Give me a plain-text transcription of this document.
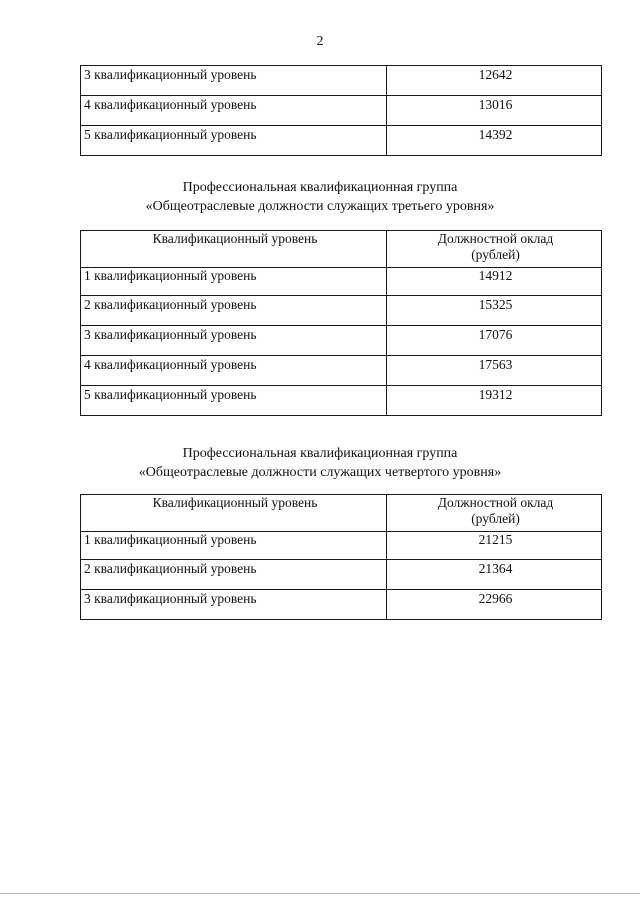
2
3 квалификационный уровень	12642
4 квалификационный уровень	13016
5 квалификационный уровень	14392
Профессиональная квалификационная группа
«Общеотраслевые должности служащих третьего уровня»
Квалификационный уровень	Должностной оклад
(рублей)

1 квалификационный уровень	14912
2 квалификационный уровень	15325
3 квалификационный уровень	17076
4 квалификационный уровень	17563
5 квалификационный уровень	19312
Профессиональная квалификационная группа
«Общеотраслевые должности служащих четвертого уровня»
Квалификационный уровень	Должностной оклад
(рублей)

1 квалификационный уровень	21215
2 квалификационный уровень	21364
3 квалификационный уровень	22966
